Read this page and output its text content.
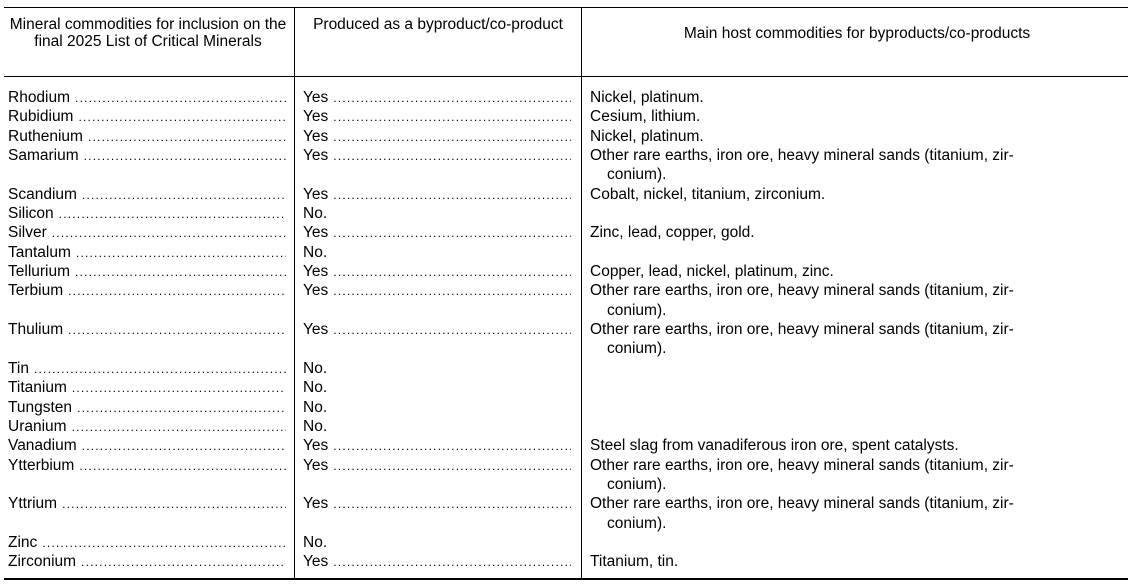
Mineral commodities for inclusion on the final 2025 List of Critical Minerals
Produced as a byproduct/co-product
Main host commodities for byproducts/co-products
Rhodium .....	Yes .....	Nickel, platinum.
Rubidium .....	Yes .....	Cesium, lithium.
Ruthenium .....	Yes .....	Nickel, platinum.
Samarium .....	Yes .....	Other rare earths, iron ore, heavy mineral sands (titanium, zir-
conium).
Scandium .....	Yes .....	Cobalt, nickel, titanium, zirconium.
Silicon .....	No.
Silver .....	Yes .....	Zinc, lead, copper, gold.
Tantalum .....	No.
Tellurium .....	Yes .....	Copper, lead, nickel, platinum, zinc.
Terbium .....	Yes .....	Other rare earths, iron ore, heavy mineral sands (titanium, zir-
conium).
Thulium .....	Yes .....	Other rare earths, iron ore, heavy mineral sands (titanium, zir-
conium).
Tin .....	No.
Titanium .....	No.
Tungsten .....	No.
Uranium .....	No.
Vanadium .....	Yes .....	Steel slag from vanadiferous iron ore, spent catalysts.
Ytterbium .....	Yes .....	Other rare earths, iron ore, heavy mineral sands (titanium, zir-
conium).
Yttrium .....	Yes .....	Other rare earths, iron ore, heavy mineral sands (titanium, zir-
conium).
Zinc .....	No.
Zirconium .....	Yes .....	Titanium, tin.
